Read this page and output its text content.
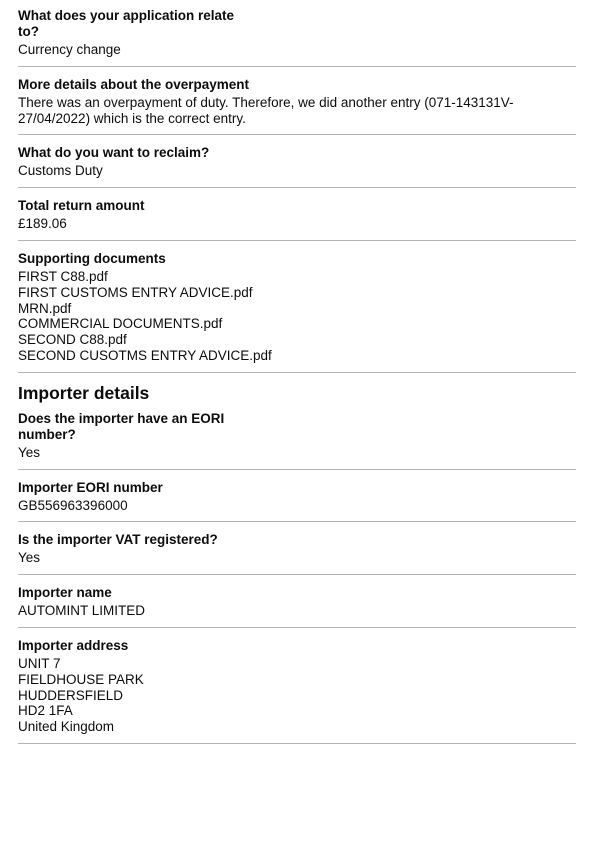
What does your application relate to?
Currency change
More details about the overpayment
There was an overpayment of duty. Therefore, we did another entry (071-143131V-27/04/2022) which is the correct entry.
What do you want to reclaim?
Customs Duty
Total return amount
£189.06
Supporting documents
FIRST C88.pdf
FIRST CUSTOMS ENTRY ADVICE.pdf
MRN.pdf
COMMERCIAL DOCUMENTS.pdf
SECOND C88.pdf
SECOND CUSOTMS ENTRY ADVICE.pdf
Importer details
Does the importer have an EORI number?
Yes
Importer EORI number
GB556963396000
Is the importer VAT registered?
Yes
Importer name
AUTOMINT LIMITED
Importer address
UNIT 7
FIELDHOUSE PARK
HUDDERSFIELD
HD2 1FA
United Kingdom
